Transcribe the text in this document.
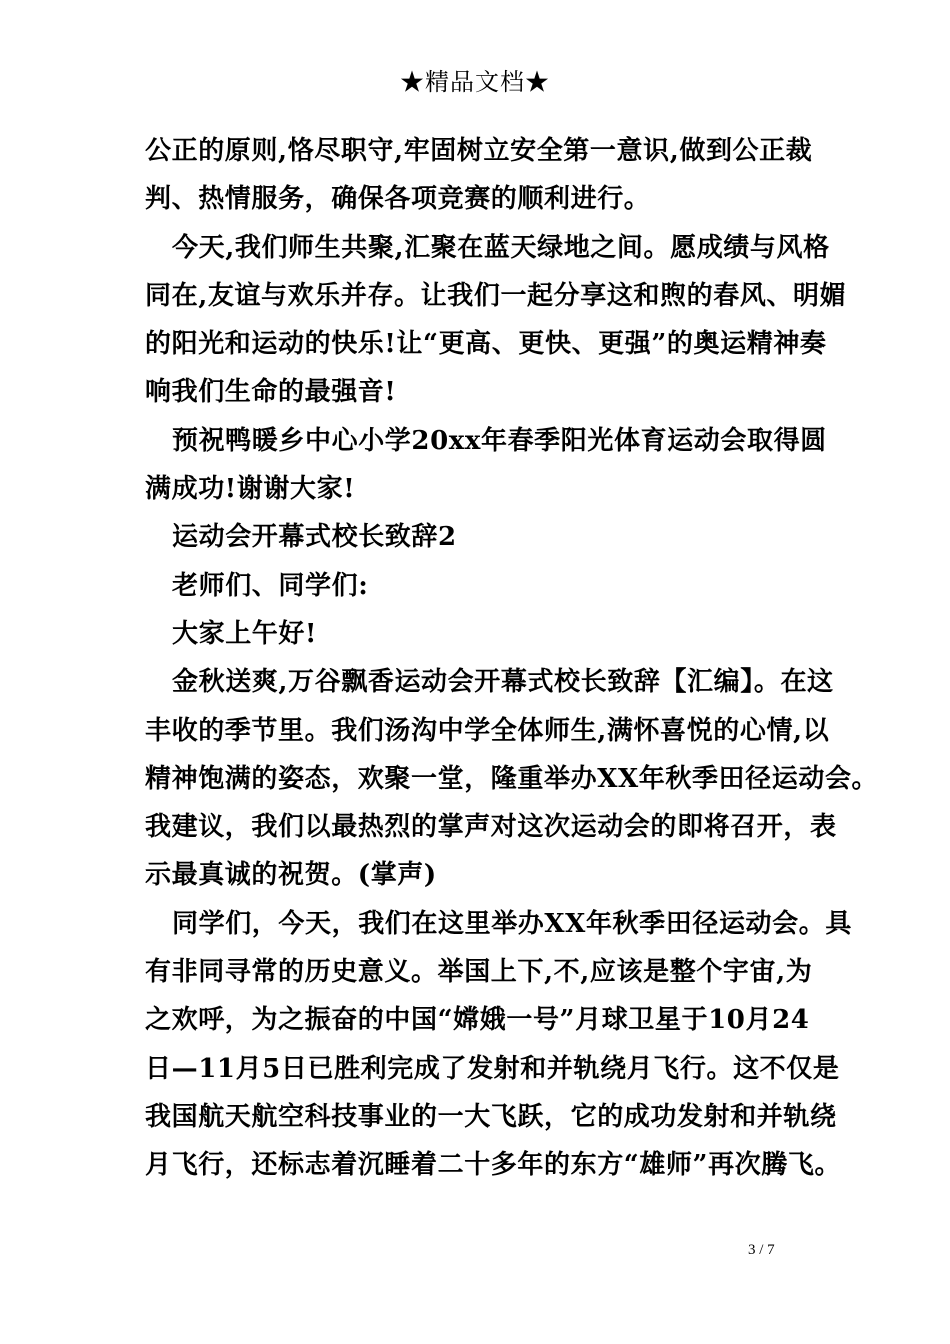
★精品文档★
公正的原则,恪尽职守,牢固树立安全第一意识,做到公正裁
判、热情服务，确保各项竞赛的顺利进行。
今天,我们师生共聚,汇聚在蓝天绿地之间。愿成绩与风格
同在,友谊与欢乐并存。让我们一起分享这和煦的春风、明媚
的阳光和运动的快乐!让“更高、更快、更强”的奥运精神奏
响我们生命的最强音!
预祝鸭暖乡中心小学20xx年春季阳光体育运动会取得圆
满成功!谢谢大家!
运动会开幕式校长致辞2
老师们、同学们:
大家上午好!
金秋送爽,万谷飘香运动会开幕式校长致辞【汇编】。在这
丰收的季节里。我们汤沟中学全体师生,满怀喜悦的心情,以
精神饱满的姿态，欢聚一堂，隆重举办XX年秋季田径运动会。
我建议，我们以最热烈的掌声对这次运动会的即将召开，表
示最真诚的祝贺。(掌声)
同学们，今天，我们在这里举办XX年秋季田径运动会。具
有非同寻常的历史意义。举国上下,不,应该是整个宇宙,为
之欢呼，为之振奋的中国“嫦娥一号”月球卫星于10月24
日—11月5日已胜利完成了发射和并轨绕月飞行。这不仅是
我国航天航空科技事业的一大飞跃，它的成功发射和并轨绕
月飞行，还标志着沉睡着二十多年的东方“雄师”再次腾飞。
3 / 7
